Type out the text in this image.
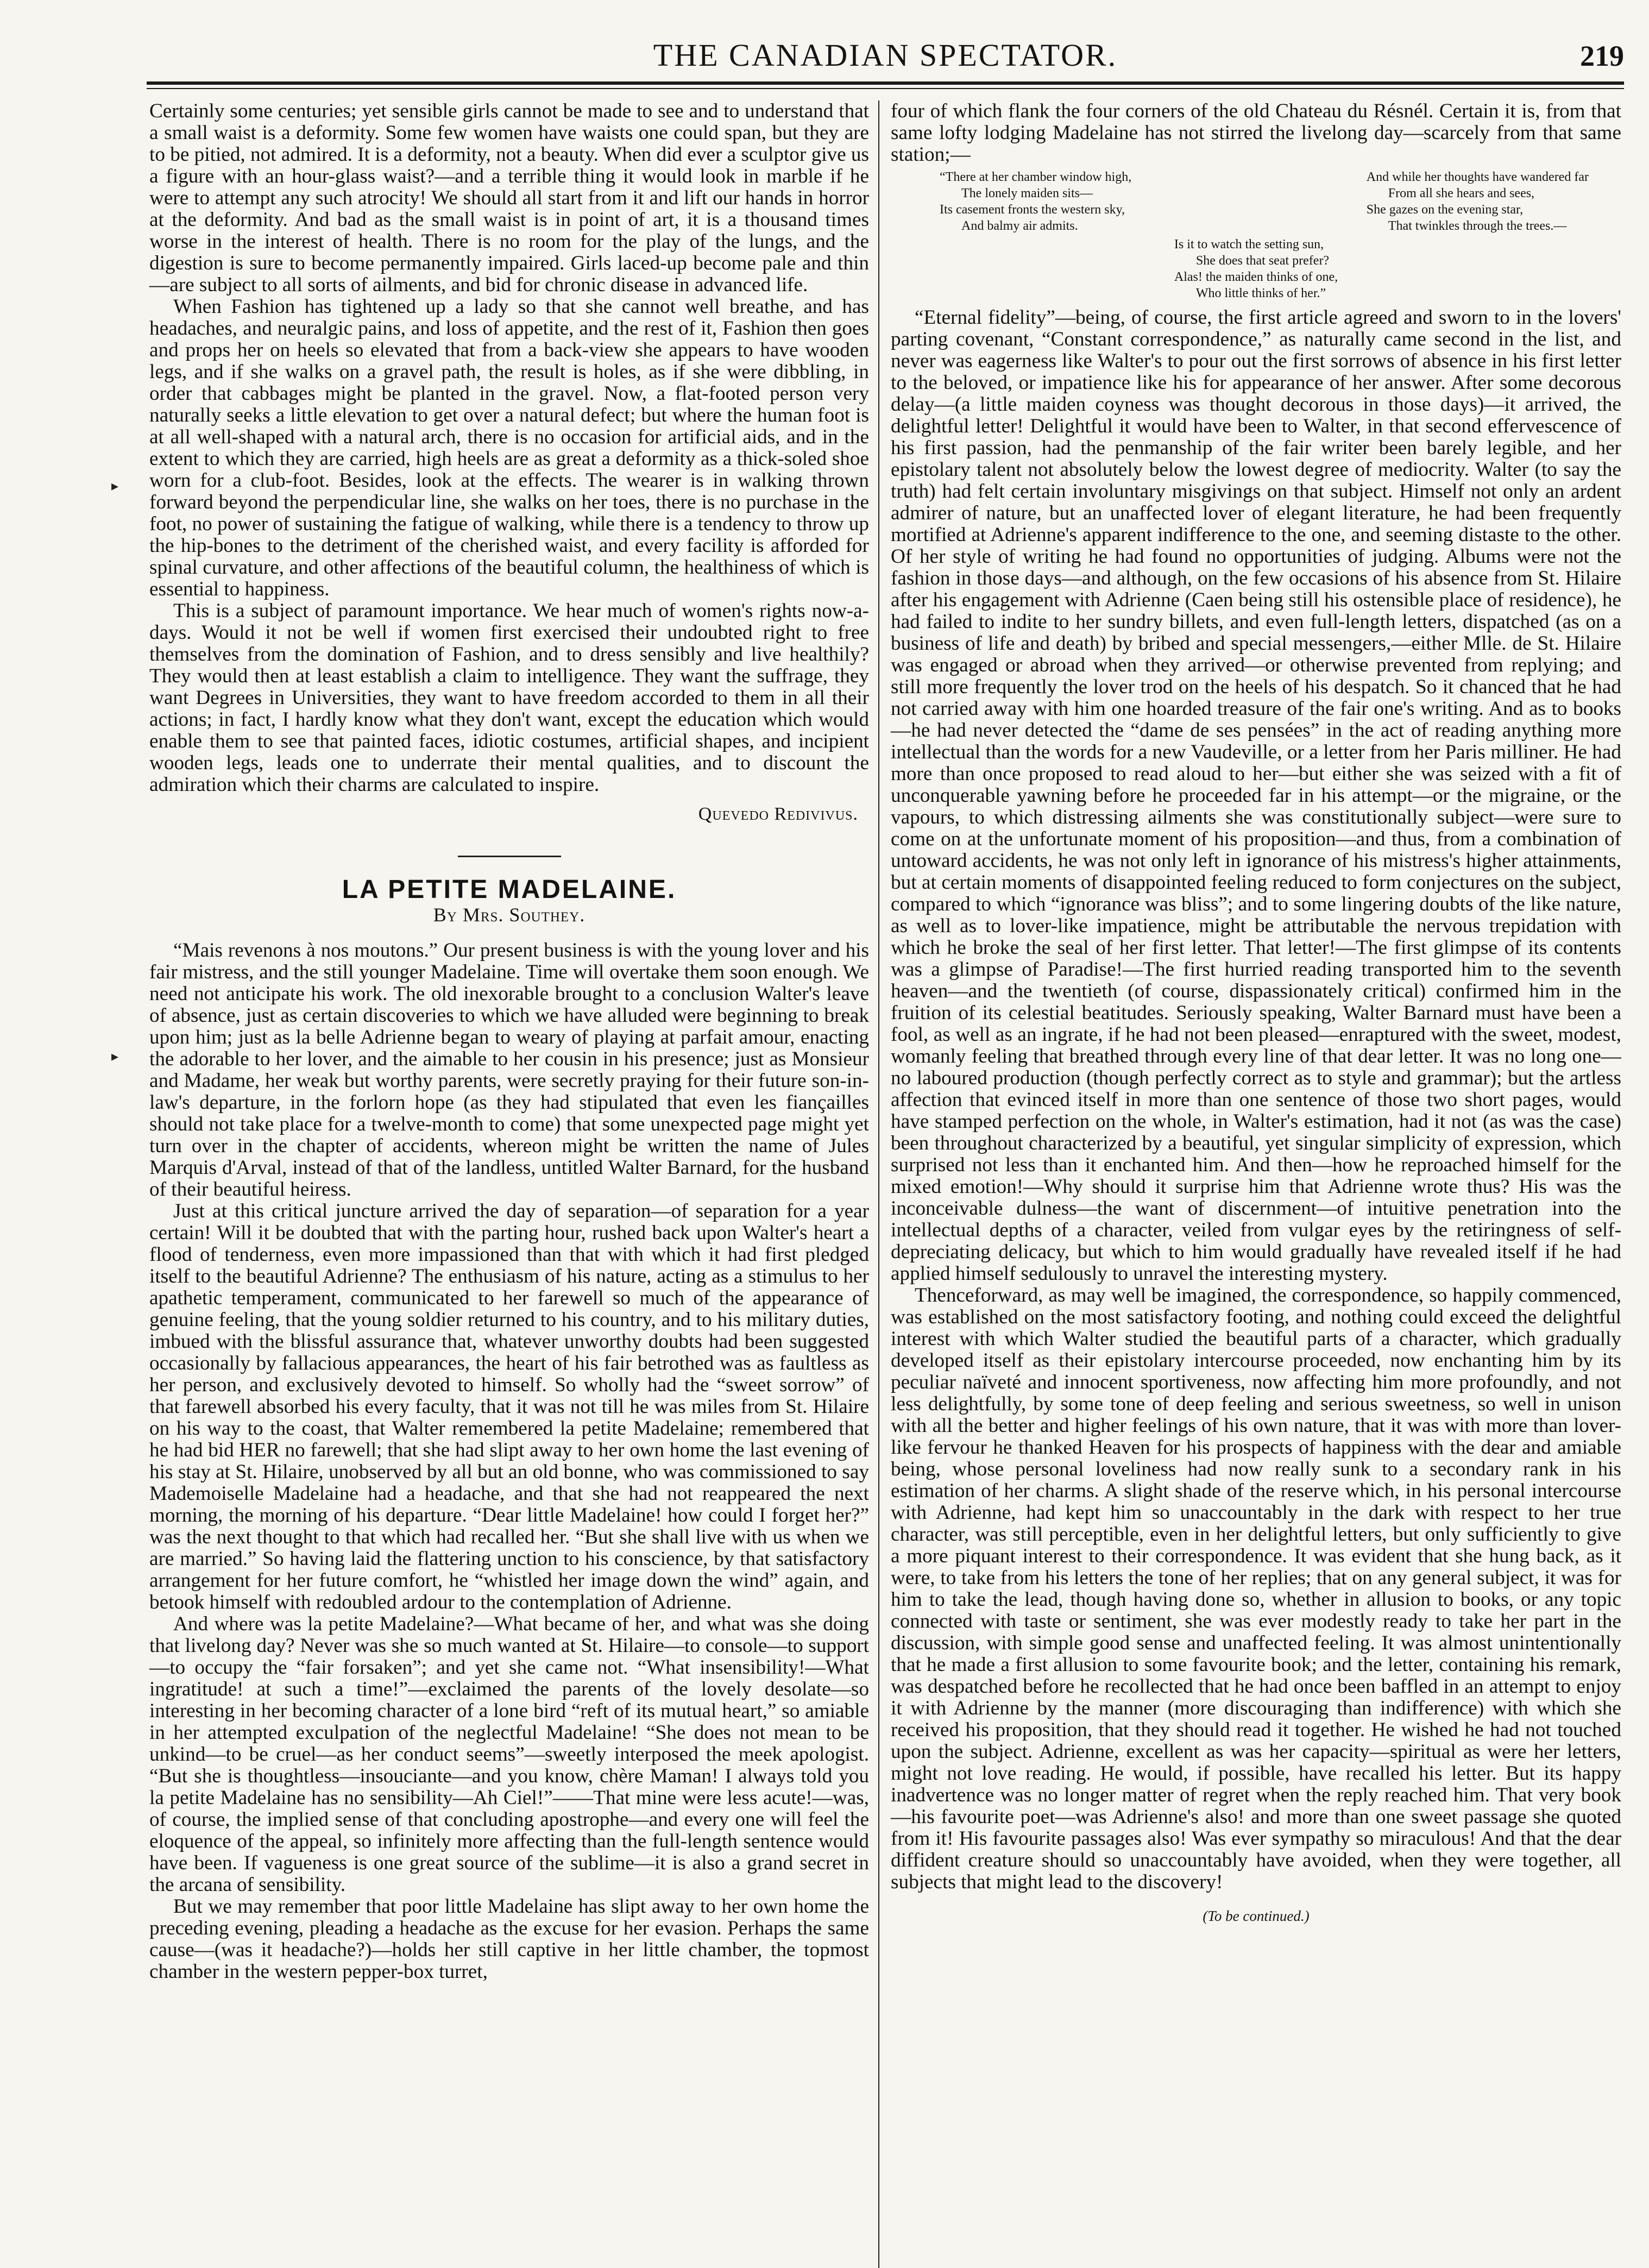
THE CANADIAN SPECTATOR.	219
▸
▸

Certainly some centuries; yet sensible girls cannot be made to see and to understand that a small waist is a deformity. Some few women have waists one could span, but they are to be pitied, not admired. It is a deformity, not a beauty. When did ever a sculptor give us a figure with an hour-glass waist?—and a terrible thing it would look in marble if he were to attempt any such atrocity! We should all start from it and lift our hands in horror at the deformity. And bad as the small waist is in point of art, it is a thousand times worse in the interest of health. There is no room for the play of the lungs, and the digestion is sure to become permanently impaired. Girls laced-up become pale and thin—are subject to all sorts of ailments, and bid for chronic disease in advanced life.

When Fashion has tightened up a lady so that she cannot well breathe, and has headaches, and neuralgic pains, and loss of appetite, and the rest of it, Fashion then goes and props her on heels so elevated that from a back-view she appears to have wooden legs, and if she walks on a gravel path, the result is holes, as if she were dibbling, in order that cabbages might be planted in the gravel. Now, a flat-footed person very naturally seeks a little elevation to get over a natural defect; but where the human foot is at all well-shaped with a natural arch, there is no occasion for artificial aids, and in the extent to which they are carried, high heels are as great a deformity as a thick-soled shoe worn for a club-foot. Besides, look at the effects. The wearer is in walking thrown forward beyond the perpendicular line, she walks on her toes, there is no purchase in the foot, no power of sustaining the fatigue of walking, while there is a tendency to throw up the hip-bones to the detriment of the cherished waist, and every facility is afforded for spinal curvature, and other affections of the beautiful column, the healthiness of which is essential to happiness.

This is a subject of paramount importance. We hear much of women's rights now-a-days. Would it not be well if women first exercised their undoubted right to free themselves from the domination of Fashion, and to dress sensibly and live healthily? They would then at least establish a claim to intelligence. They want the suffrage, they want Degrees in Universities, they want to have freedom accorded to them in all their actions; in fact, I hardly know what they don't want, except the education which would enable them to see that painted faces, idiotic costumes, artificial shapes, and incipient wooden legs, leads one to underrate their mental qualities, and to discount the admiration which their charms are calculated to inspire.

Quevedo Redivivus.
LA PETITE MADELAINE.
By Mrs. Southey.

“Mais revenons à nos moutons.” Our present business is with the young lover and his fair mistress, and the still younger Madelaine. Time will overtake them soon enough. We need not anticipate his work. The old inexorable brought to a conclusion Walter's leave of absence, just as certain discoveries to which we have alluded were beginning to break upon him; just as la belle Adrienne began to weary of playing at parfait amour, enacting the adorable to her lover, and the aimable to her cousin in his presence; just as Monsieur and Madame, her weak but worthy parents, were secretly praying for their future son-in-law's departure, in the forlorn hope (as they had stipulated that even les fiançailles should not take place for a twelve-month to come) that some unexpected page might yet turn over in the chapter of accidents, whereon might be written the name of Jules Marquis d'Arval, instead of that of the landless, untitled Walter Barnard, for the husband of their beautiful heiress.

Just at this critical juncture arrived the day of separation—of separation for a year certain! Will it be doubted that with the parting hour, rushed back upon Walter's heart a flood of tenderness, even more impassioned than that with which it had first pledged itself to the beautiful Adrienne? The enthusiasm of his nature, acting as a stimulus to her apathetic temperament, communicated to her farewell so much of the appearance of genuine feeling, that the young soldier returned to his country, and to his military duties, imbued with the blissful assurance that, whatever unworthy doubts had been suggested occasionally by fallacious appearances, the heart of his fair betrothed was as faultless as her person, and exclusively devoted to himself. So wholly had the “sweet sorrow” of that farewell absorbed his every faculty, that it was not till he was miles from St. Hilaire on his way to the coast, that Walter remembered la petite Madelaine; remembered that he had bid HER no farewell; that she had slipt away to her own home the last evening of his stay at St. Hilaire, unobserved by all but an old bonne, who was commissioned to say Mademoiselle Madelaine had a headache, and that she had not reappeared the next morning, the morning of his departure. “Dear little Madelaine! how could I forget her?” was the next thought to that which had recalled her. “But she shall live with us when we are married.” So having laid the flattering unction to his conscience, by that satisfactory arrangement for her future comfort, he “whistled her image down the wind” again, and betook himself with redoubled ardour to the contemplation of Adrienne.

And where was la petite Madelaine?—What became of her, and what was she doing that livelong day? Never was she so much wanted at St. Hilaire—to console—to support—to occupy the “fair forsaken”; and yet she came not. “What insensibility!—What ingratitude! at such a time!”—exclaimed the parents of the lovely desolate—so interesting in her becoming character of a lone bird “reft of its mutual heart,” so amiable in her attempted exculpation of the neglectful Madelaine! “She does not mean to be unkind—to be cruel—as her conduct seems”—sweetly interposed the meek apologist. “But she is thoughtless—insouciante—and you know, chère Maman! I always told you la petite Madelaine has no sensibility—Ah Ciel!”——That mine were less acute!—was, of course, the implied sense of that concluding apostrophe—and every one will feel the eloquence of the appeal, so infinitely more affecting than the full-length sentence would have been. If vagueness is one great source of the sublime—it is also a grand secret in the arcana of sensibility.

But we may remember that poor little Madelaine has slipt away to her own home the preceding evening, pleading a headache as the excuse for her evasion. Perhaps the same cause—(was it headache?)—holds her still captive in her little chamber, the topmost chamber in the western pepper-box turret,

four of which flank the four corners of the old Chateau du Résnél. Certain it is, from that same lofty lodging Madelaine has not stirred the livelong day—scarcely from that same station;—

“There at her chamber window high,
The lonely maiden sits—
Its casement fronts the western sky,
And balmy air admits.
And while her thoughts have wandered far
From all she hears and sees,
She gazes on the evening star,
That twinkles through the trees.—
Is it to watch the setting sun,
She does that seat prefer?
Alas! the maiden thinks of one,
Who little thinks of her.”

“Eternal fidelity”—being, of course, the first article agreed and sworn to in the lovers' parting covenant, “Constant correspondence,” as naturally came second in the list, and never was eagerness like Walter's to pour out the first sorrows of absence in his first letter to the beloved, or impatience like his for appearance of her answer. After some decorous delay—(a little maiden coyness was thought decorous in those days)—it arrived, the delightful letter! Delightful it would have been to Walter, in that second effervescence of his first passion, had the penmanship of the fair writer been barely legible, and her epistolary talent not absolutely below the lowest degree of mediocrity. Walter (to say the truth) had felt certain involuntary misgivings on that subject. Himself not only an ardent admirer of nature, but an unaffected lover of elegant literature, he had been frequently mortified at Adrienne's apparent indifference to the one, and seeming distaste to the other. Of her style of writing he had found no opportunities of judging. Albums were not the fashion in those days—and although, on the few occasions of his absence from St. Hilaire after his engagement with Adrienne (Caen being still his ostensible place of residence), he had failed to indite to her sundry billets, and even full-length letters, dispatched (as on a business of life and death) by bribed and special messengers,—either Mlle. de St. Hilaire was engaged or abroad when they arrived—or otherwise prevented from replying; and still more frequently the lover trod on the heels of his despatch. So it chanced that he had not carried away with him one hoarded treasure of the fair one's writing. And as to books—he had never detected the “dame de ses pensées” in the act of reading anything more intellectual than the words for a new Vaudeville, or a letter from her Paris milliner. He had more than once proposed to read aloud to her—but either she was seized with a fit of unconquerable yawning before he proceeded far in his attempt—or the migraine, or the vapours, to which distressing ailments she was constitutionally subject—were sure to come on at the unfortunate moment of his proposition—and thus, from a combination of untoward accidents, he was not only left in ignorance of his mistress's higher attainments, but at certain moments of disappointed feeling reduced to form conjectures on the subject, compared to which “ignorance was bliss”; and to some lingering doubts of the like nature, as well as to lover-like impatience, might be attributable the nervous trepidation with which he broke the seal of her first letter. That letter!—The first glimpse of its contents was a glimpse of Paradise!—The first hurried reading transported him to the seventh heaven—and the twentieth (of course, dispassionately critical) confirmed him in the fruition of its celestial beatitudes. Seriously speaking, Walter Barnard must have been a fool, as well as an ingrate, if he had not been pleased—enraptured with the sweet, modest, womanly feeling that breathed through every line of that dear letter. It was no long one—no laboured production (though perfectly correct as to style and grammar); but the artless affection that evinced itself in more than one sentence of those two short pages, would have stamped perfection on the whole, in Walter's estimation, had it not (as was the case) been throughout characterized by a beautiful, yet singular simplicity of expression, which surprised not less than it enchanted him. And then—how he reproached himself for the mixed emotion!—Why should it surprise him that Adrienne wrote thus? His was the inconceivable dulness—the want of discernment—of intuitive penetration into the intellectual depths of a character, veiled from vulgar eyes by the retiringness of self-depreciating delicacy, but which to him would gradually have revealed itself if he had applied himself sedulously to unravel the interesting mystery.

Thenceforward, as may well be imagined, the correspondence, so happily commenced, was established on the most satisfactory footing, and nothing could exceed the delightful interest with which Walter studied the beautiful parts of a character, which gradually developed itself as their epistolary intercourse proceeded, now enchanting him by its peculiar naïveté and innocent sportiveness, now affecting him more profoundly, and not less delightfully, by some tone of deep feeling and serious sweetness, so well in unison with all the better and higher feelings of his own nature, that it was with more than lover-like fervour he thanked Heaven for his prospects of happiness with the dear and amiable being, whose personal loveliness had now really sunk to a secondary rank in his estimation of her charms. A slight shade of the reserve which, in his personal intercourse with Adrienne, had kept him so unaccountably in the dark with respect to her true character, was still perceptible, even in her delightful letters, but only sufficiently to give a more piquant interest to their correspondence. It was evident that she hung back, as it were, to take from his letters the tone of her replies; that on any general subject, it was for him to take the lead, though having done so, whether in allusion to books, or any topic connected with taste or sentiment, she was ever modestly ready to take her part in the discussion, with simple good sense and unaffected feeling. It was almost unintentionally that he made a first allusion to some favourite book; and the letter, containing his remark, was despatched before he recollected that he had once been baffled in an attempt to enjoy it with Adrienne by the manner (more discouraging than indifference) with which she received his proposition, that they should read it together. He wished he had not touched upon the subject. Adrienne, excellent as was her capacity—spiritual as were her letters, might not love reading. He would, if possible, have recalled his letter. But its happy inadvertence was no longer matter of regret when the reply reached him. That very book—his favourite poet—was Adrienne's also! and more than one sweet passage she quoted from it! His favourite passages also! Was ever sympathy so miraculous! And that the dear diffident creature should so unaccountably have avoided, when they were together, all subjects that might lead to the discovery!

(To be continued.)
